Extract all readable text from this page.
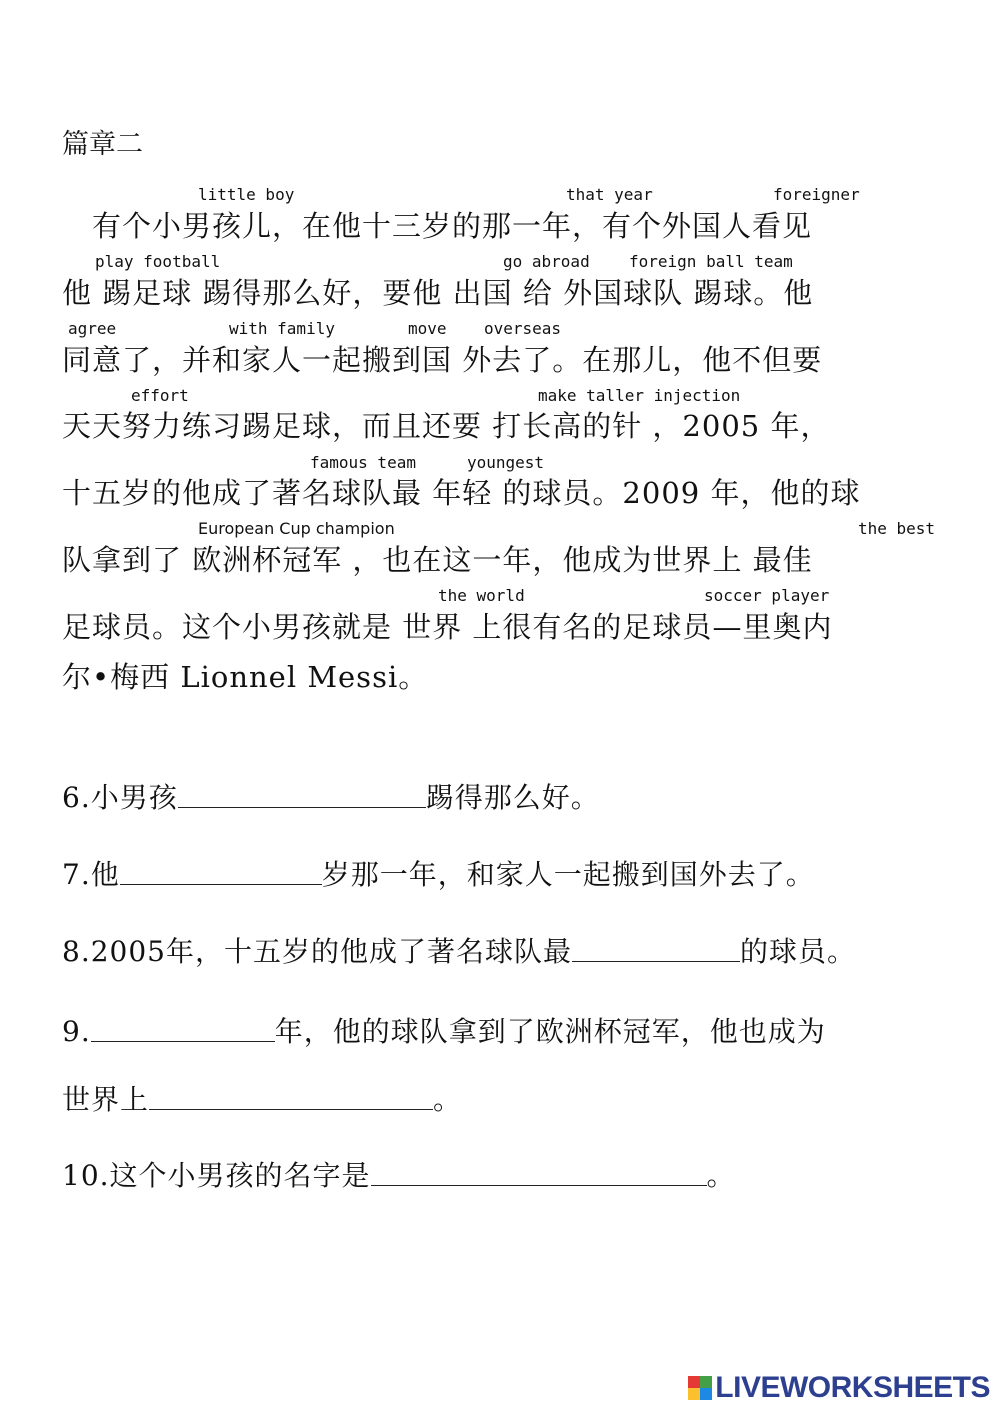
篇章二
little boy	that year	foreigner
play football	go abroad foreign ball team
agree	with family	move overseas
effort	make taller injection
famous team	youngest
European Cup champion	the best
the world	soccer player
　有个小男孩儿，在他十三岁的那一年，有个外国人看见
他 踢足球 踢得那么好，要他 出国 给 外国球队 踢球。他
同意了，并和家人一起搬到国 外去了。在那儿，他不但要
天天努力练习踢足球，而且还要 打长高的针 ，2005 年，
十五岁的他成了著名球队最 年轻 的球员。2009 年，他的球
队拿到了 欧洲杯冠军 ，也在这一年，他成为世界上 最佳
足球员。这个小男孩就是 世界 上很有名的足球员—里奥内
尔•梅西 Lionnel Messi。
6.小男孩	踢得那么好。
7.他	岁那一年，和家人一起搬到国外去了。
8.2005年，十五岁的他成了著名球队最	的球员。
9.	年，他的球队拿到了欧洲杯冠军，他也成为
世界上	。
10.这个小男孩的名字是	。
LIVEWORKSHEETS
